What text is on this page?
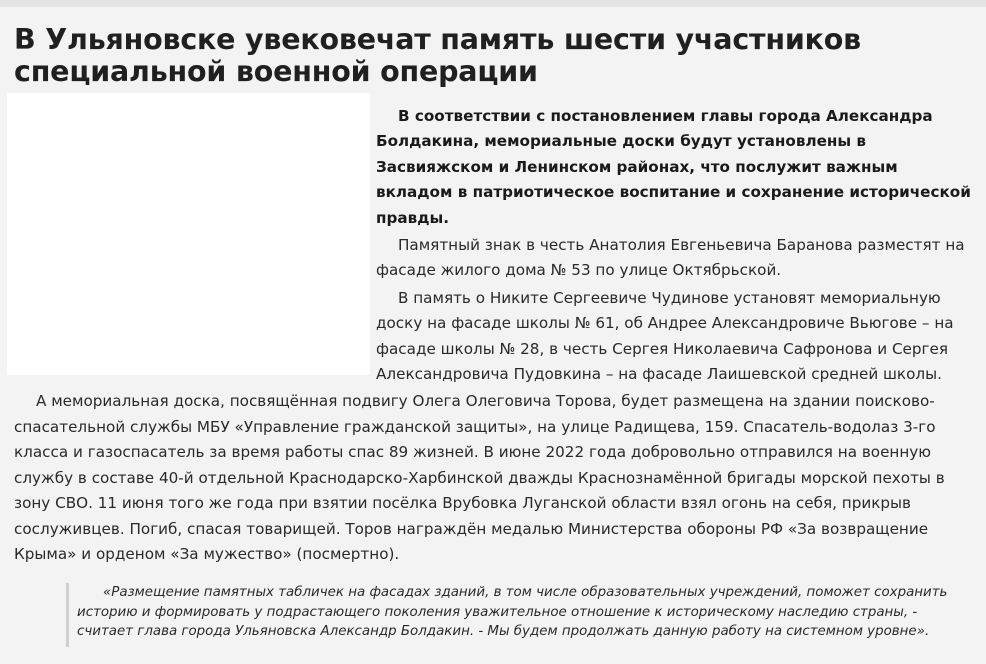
В Ульяновске увековечат память шести участников специальной военной операции

В соответствии с постановлением главы города Александра Болдакина, мемориальные доски будут установлены в Засвияжском и Ленинском районах, что послужит важным вкладом в патриотическое воспитание и сохранение исторической правды.

Памятный знак в честь Анатолия Евгеньевича Баранова разместят на фасаде жилого дома № 53 по улице Октябрьской.

В память о Никите Сергеевиче Чудинове установят мемориальную доску на фасаде школы № 61, об Андрее Александровиче Вьюгове – на фасаде школы № 28, в честь Сергея Николаевича Сафронова и Сергея Александровича Пудовкина – на фасаде Лаишевской средней школы.

А мемориальная доска, посвящённая подвигу Олега Олеговича Торова, будет размещена на здании поисково-спасательной службы МБУ «Управление гражданской защиты», на улице Радищева, 159. Спасатель-водолаз 3-го класса и газоспасатель за время работы спас 89 жизней. В июне 2022 года добровольно отправился на военную службу в составе 40-й отдельной Краснодарско-Харбинской дважды Краснознамённой бригады морской пехоты в зону СВО. 11 июня того же года при взятии посёлка Врубовка Луганской области взял огонь на себя, прикрыв сослуживцев. Погиб, спасая товарищей. Торов награждён медалью Министерства обороны РФ «За возвращение Крыма» и орденом «За мужество» (посмертно).

«Размещение памятных табличек на фасадах зданий, в том числе образовательных учреждений, поможет сохранить историю и формировать у подрастающего поколения уважительное отношение к историческому наследию страны, - считает глава города Ульяновска Александр Болдакин. - Мы будем продолжать данную работу на системном уровне».
